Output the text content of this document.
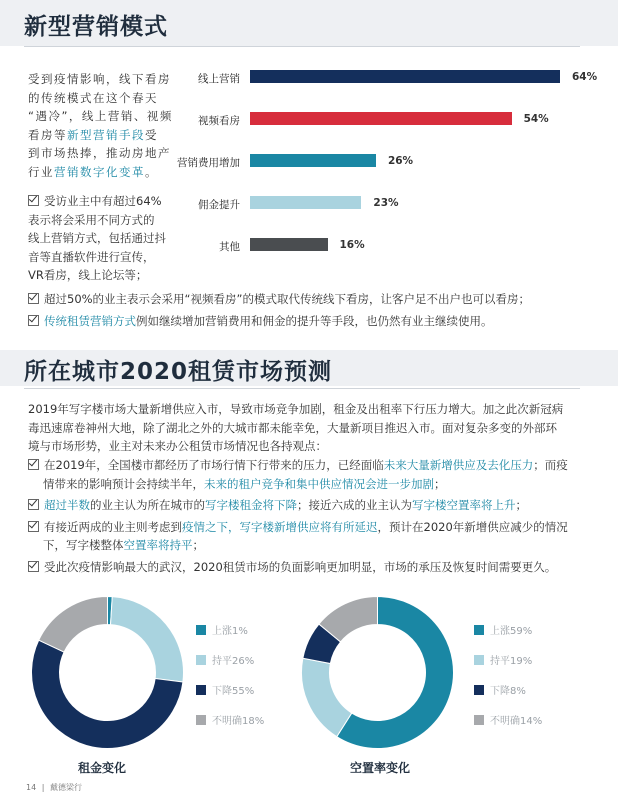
新型营销模式
受到疫情影响，线下看房
的传统模式在这个春天
“遇冷”，线上营销、视频
看房等新型营销手段受
到市场热捧，推动房地产
行业营销数字化变革。
受访业主中有超过64%
表示将会采用不同方式的
线上营销方式，包括通过抖
音等直播软件进行宣传，
VR看房，线上论坛等；
线上营销	64%
视频看房	54%
营销费用增加	26%
佣金提升	23%
其他	16%
超过50%的业主表示会采用“视频看房”的模式取代传统线下看房，让客户足不出户也可以看房；
传统租赁营销方式例如继续增加营销费用和佣金的提升等手段，也仍然有业主继续使用。
所在城市2020租赁市场预测
2019年写字楼市场大量新增供应入市，导致市场竞争加剧，租金及出租率下行压力增大。加之此次新冠病
毒迅速席卷神州大地，除了湖北之外的大城市都未能幸免，大量新项目推迟入市。面对复杂多变的外部环
境与市场形势，业主对未来办公租赁市场情况也各持观点：
在2019年，全国楼市都经历了市场行情下行带来的压力，已经面临未来大量新增供应及去化压力；而疫
情带来的影响预计会持续半年，未来的租户竞争和集中供应情况会进一步加剧；
超过半数的业主认为所在城市的写字楼租金将下降；接近六成的业主认为写字楼空置率将上升；
有接近两成的业主则考虑到疫情之下，写字楼新增供应将有所延迟，预计在2020年新增供应减少的情况
下，写字楼整体空置率将持平；
受此次疫情影响最大的武汉，2020租赁市场的负面影响更加明显，市场的承压及恢复时间需要更久。
上涨1%
持平26%
下降55%
不明确18%
租金变化
上涨59%
持平19%
下降8%
不明确14%
空置率变化
14 | 戴德梁行
